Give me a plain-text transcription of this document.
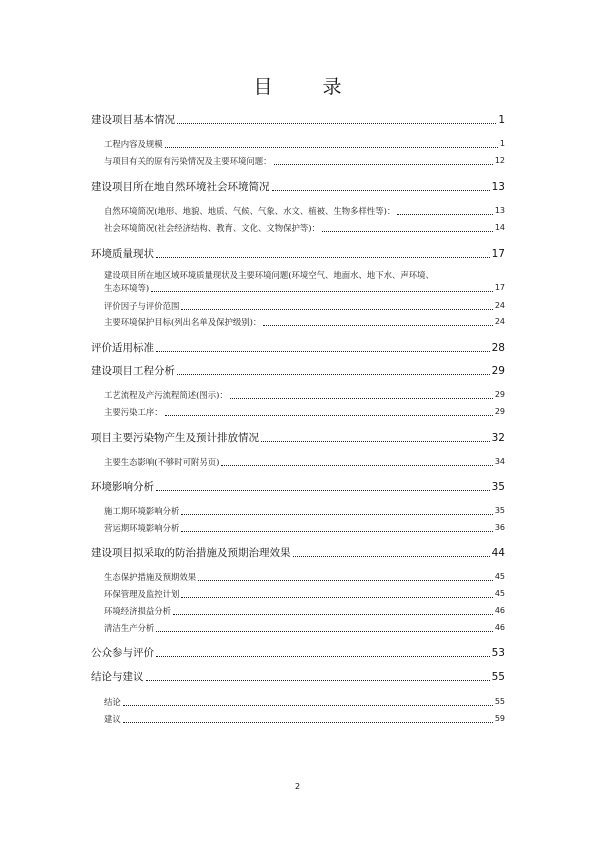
目录
建设项目基本情况	1
工程内容及规模	1
与项目有关的原有污染情况及主要环境问题：	12
建设项目所在地自然环境社会环境简况	13
自然环境简况(地形、地貌、地质、气候、气象、水文、植被、生物多样性等)：	13
社会环境简况(社会经济结构、教育、文化、文物保护等)：	14
环境质量现状	17
建设项目所在地区域环境质量现状及主要环境问题(环境空气、地面水、地下水、声环境、
生态环境等)	17
评价因子与评价范围	24
主要环境保护目标(列出名单及保护级别)：	24
评价适用标准	28
建设项目工程分析	29
工艺流程及产污流程简述(图示)：	29
主要污染工序：	29
项目主要污染物产生及预计排放情况	32
主要生态影响(不够时可附另页)	34
环境影响分析	35
施工期环境影响分析	35
营运期环境影响分析	36
建设项目拟采取的防治措施及预期治理效果	44
生态保护措施及预期效果	45
环保管理及监控计划	45
环境经济损益分析	46
清洁生产分析	46
公众参与评价	53
结论与建议	55
结论	55
建议	59
2
